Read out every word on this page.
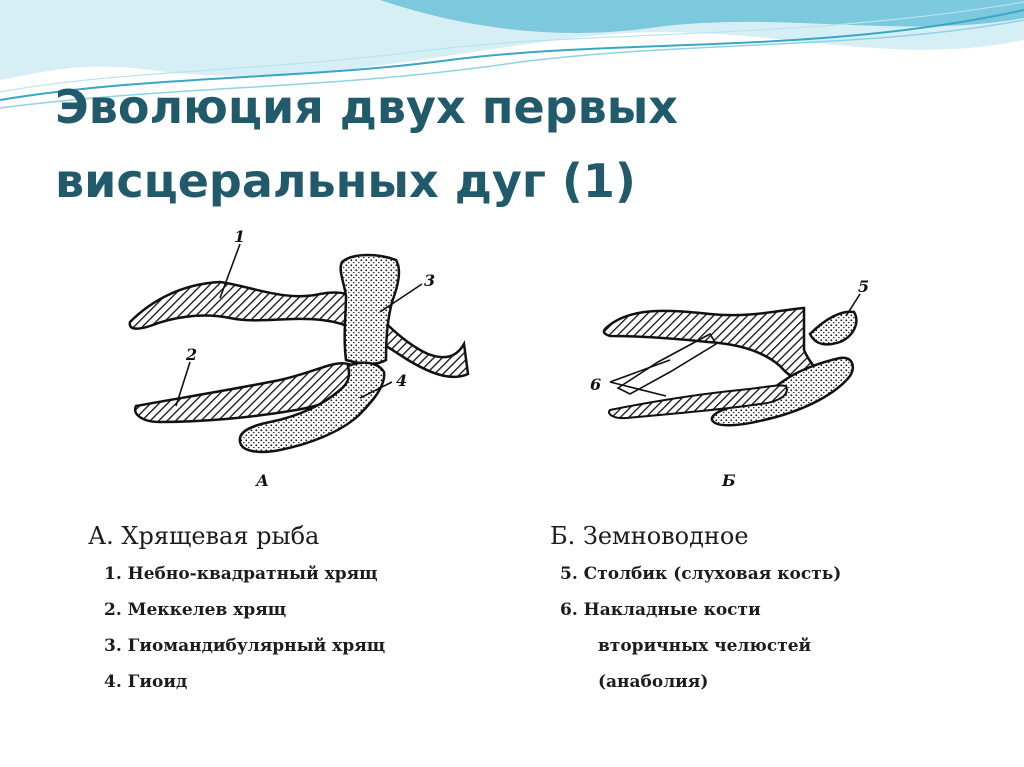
Эволюция двух первых
висцеральных дуг (1)
1
2
3
4
А
5
6
Б
А. Хрящевая рыба
1. Небно-квадратный хрящ
2. Меккелев хрящ
3. Гиомандибулярный хрящ
4. Гиоид
Б. Земноводное
5. Столбик (слуховая кость)
6. Накладные кости
вторичных челюстей
(анаболия)
